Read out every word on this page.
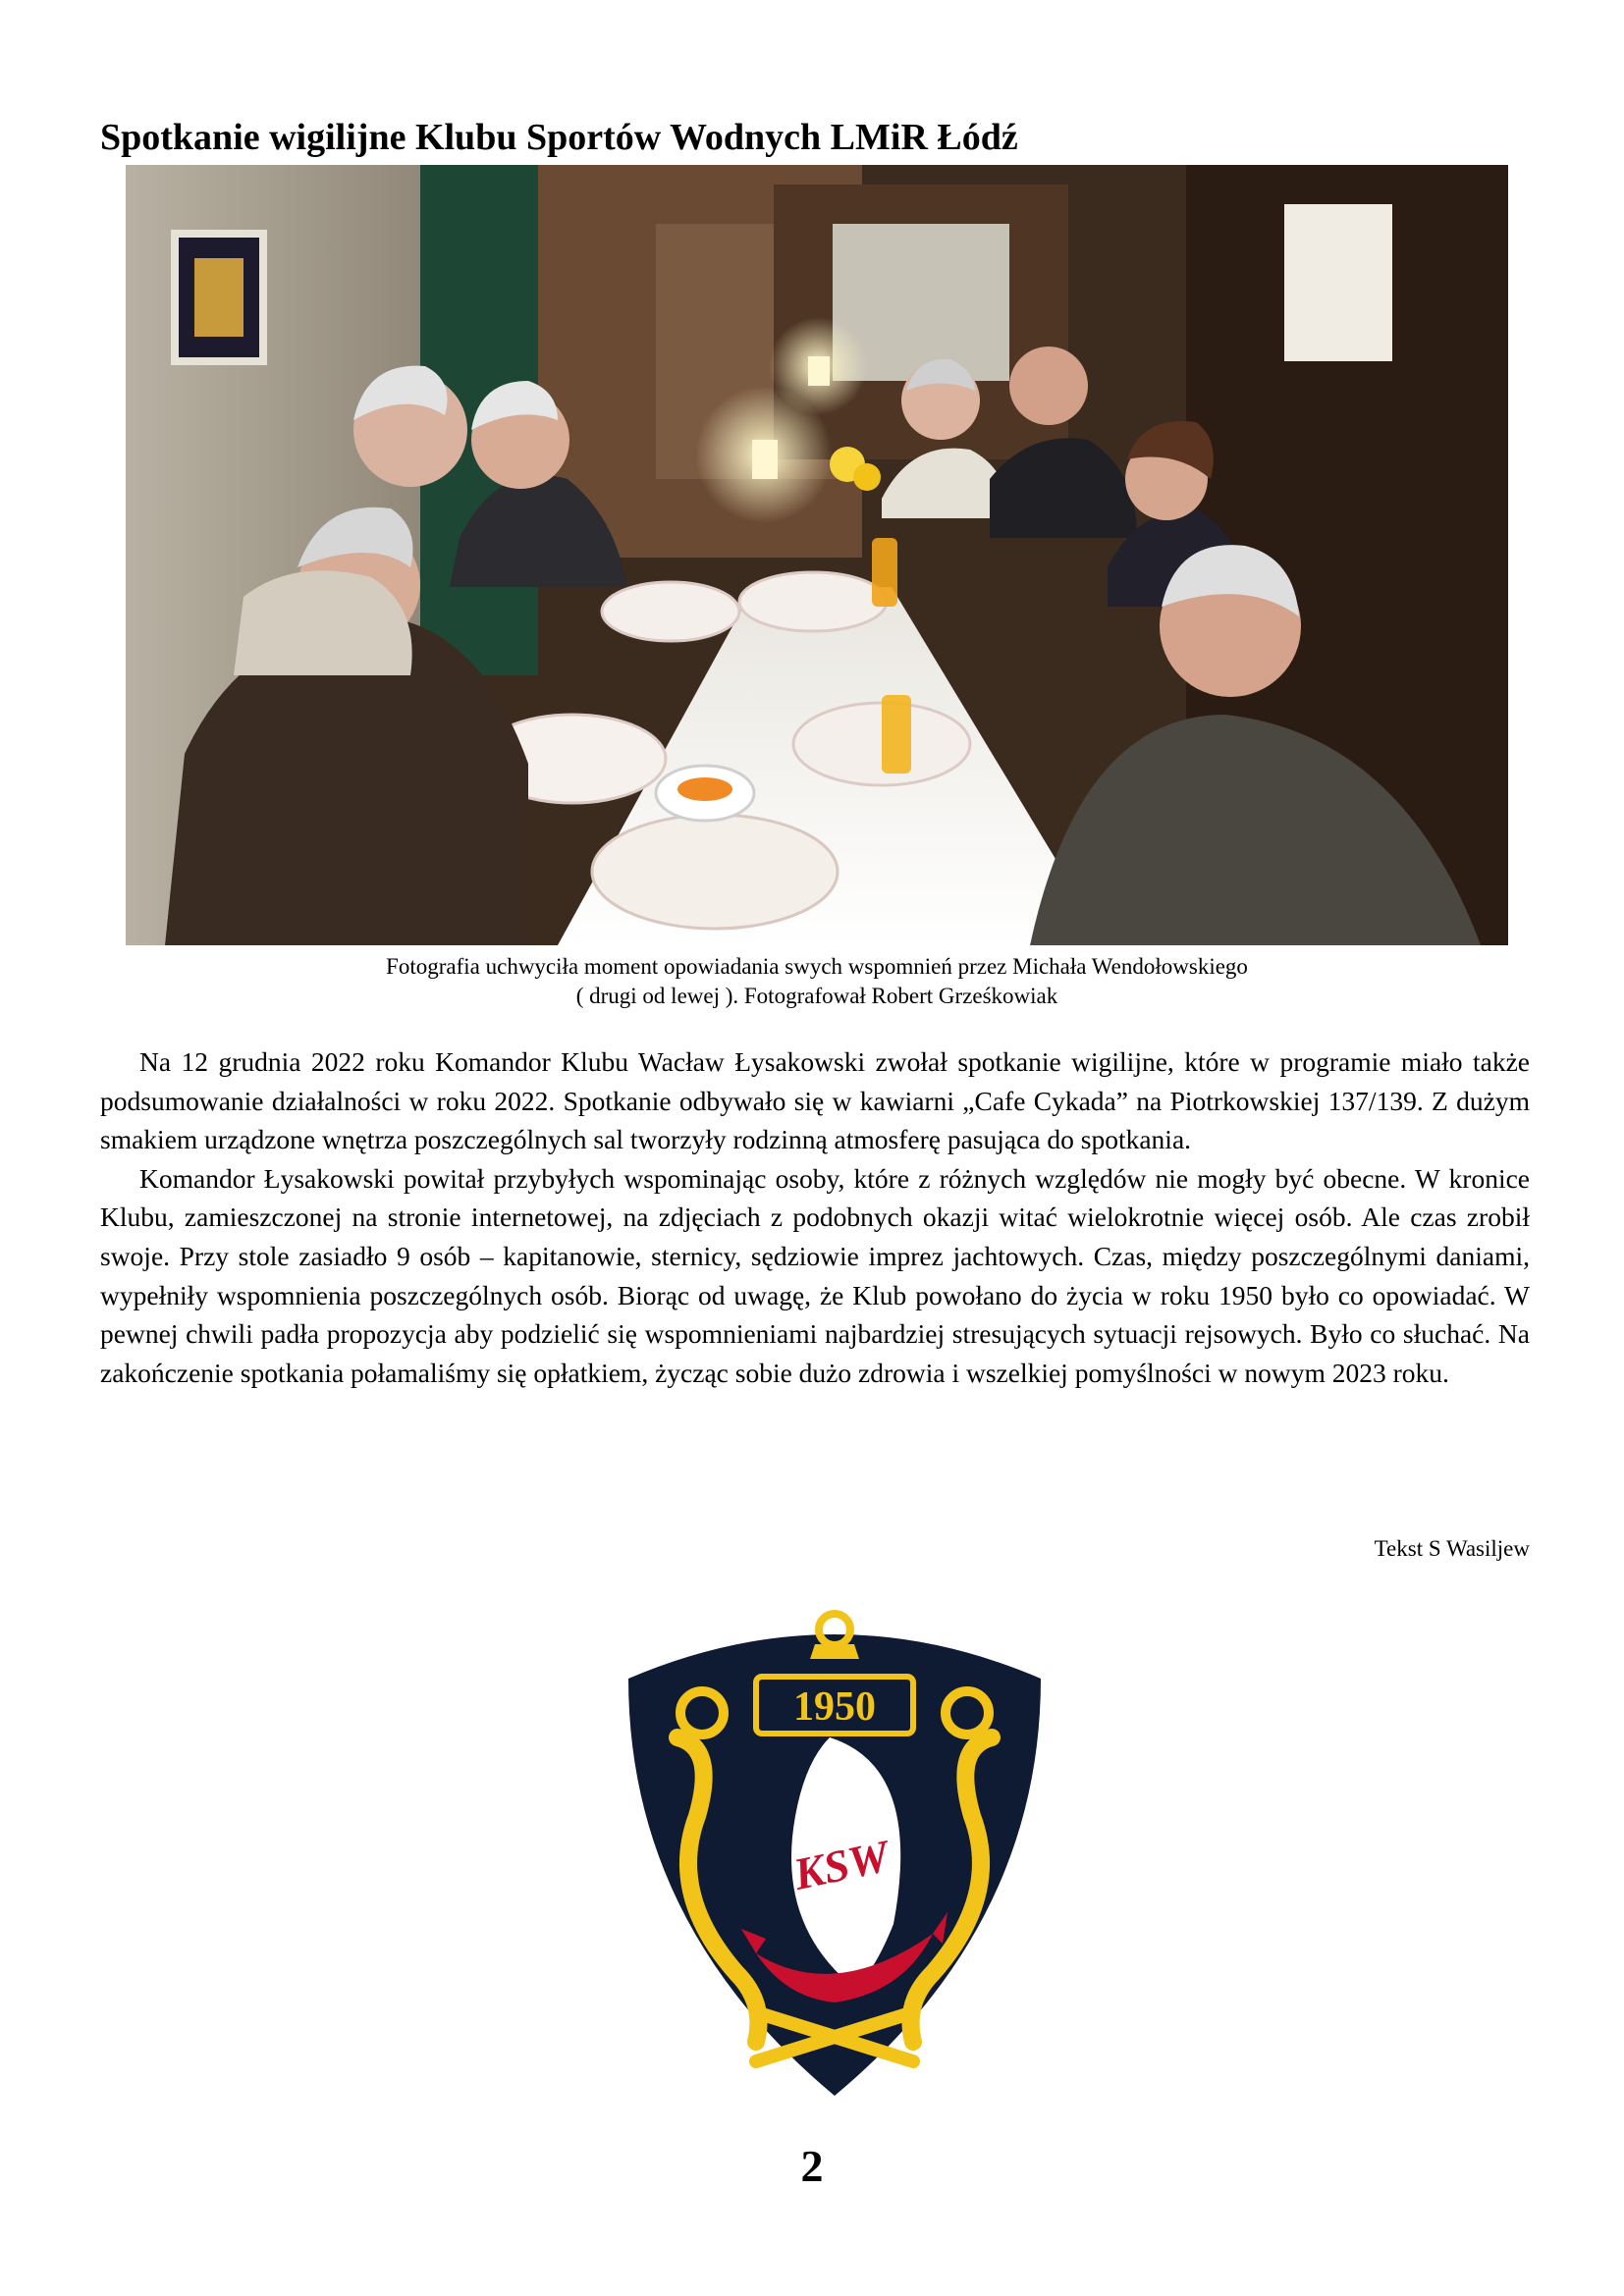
Spotkanie wigilijne Klubu Sportów Wodnych LMiR Łódź

Fotografia uchwyciła moment opowiadania swych wspomnień przez Michała Wendołowskiego

( drugi od lewej ). Fotografował Robert Grześkowiak

Na 12 grudnia 2022 roku Komandor Klubu Wacław Łysakowski zwołał spotkanie wigilijne, które w programie miało także podsumowanie działalności w roku 2022. Spotkanie odbywało się w kawiarni „Cafe Cykada” na Piotrkowskiej 137/139. Z dużym smakiem urządzone wnętrza poszczególnych sal tworzyły rodzinną atmosferę pasująca do spotkania.

Komandor Łysakowski powitał przybyłych wspominając osoby, które z różnych względów nie mogły być obecne. W kronice Klubu, zamieszczonej na stronie internetowej, na zdjęciach z podobnych okazji witać wielokrotnie więcej osób. Ale czas zrobił swoje. Przy stole zasiadło 9 osób – kapitanowie, sternicy, sędziowie imprez jachtowych. Czas, między poszczególnymi daniami, wypełniły wspomnienia poszczególnych osób. Biorąc od uwagę, że Klub powołano do życia w roku 1950 było co opowiadać. W pewnej chwili padła propozycja aby podzielić się wspomnieniami najbardziej stresujących sytuacji rejsowych. Było co słuchać. Na zakończenie spotkania połamaliśmy się opłatkiem, życząc sobie dużo zdrowia i wszelkiej pomyślności w nowym 2023 roku.

Tekst S Wasiljew
1950
KSW
2
